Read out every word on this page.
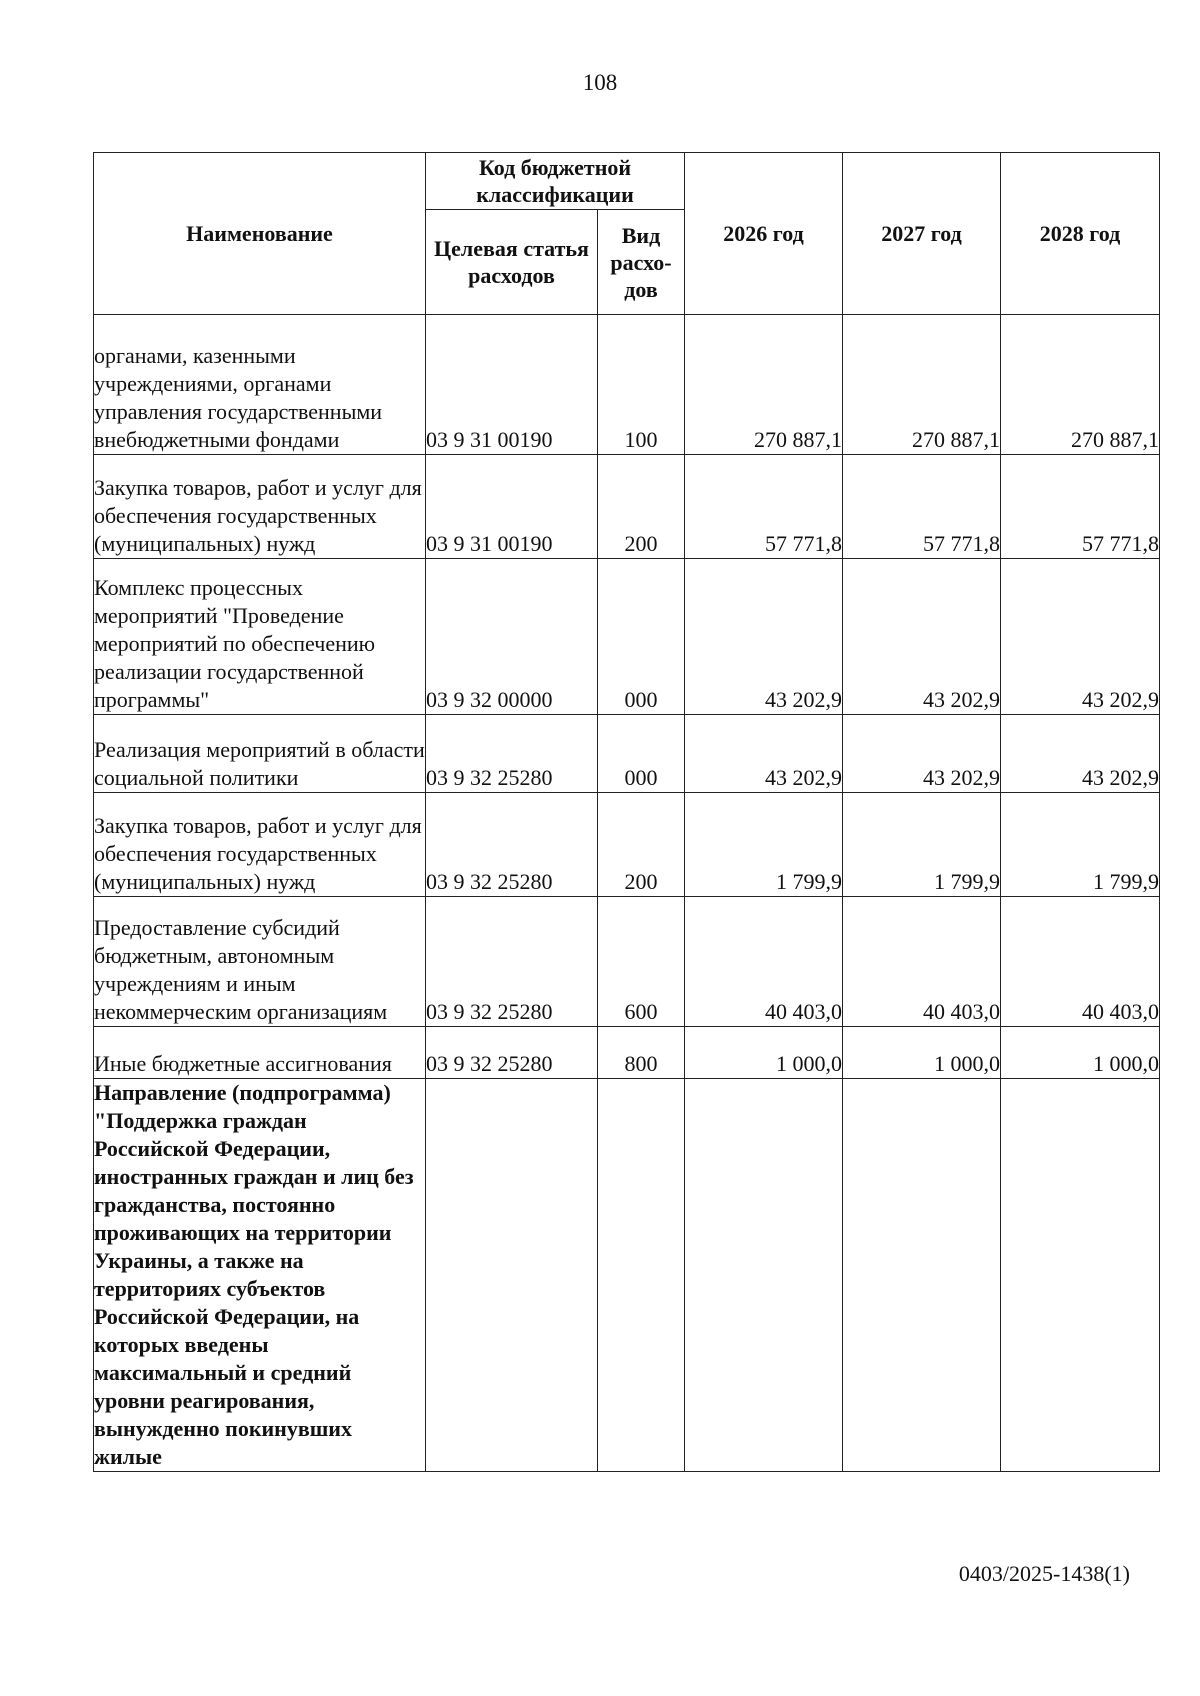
108
Наименование	Код бюджетной классификации		2026 год	2027 год	2028 год
	Целевая статья расходов	Вид расхо-дов			
органами, казенными учреждениями, органами управления государственными внебюджетными фондами	03 9 31 00190	100	270 887,1	270 887,1	270 887,1
Закупка товаров, работ и услуг для обеспечения государственных (муниципальных) нужд	03 9 31 00190	200	57 771,8	57 771,8	57 771,8
Комплекс процессных мероприятий "Проведение мероприятий по обеспечению реализации государственной программы"	03 9 32 00000	000	43 202,9	43 202,9	43 202,9
Реализация мероприятий в области социальной политики	03 9 32 25280	000	43 202,9	43 202,9	43 202,9
Закупка товаров, работ и услуг для обеспечения государственных (муниципальных) нужд	03 9 32 25280	200	1 799,9	1 799,9	1 799,9
Предоставление субсидий бюджетным, автономным учреждениям и иным некоммерческим организациям	03 9 32 25280	600	40 403,0	40 403,0	40 403,0
Иные бюджетные ассигнования	03 9 32 25280	800	1 000,0	1 000,0	1 000,0
Направление (подпрограмма) "Поддержка граждан Российской Федерации, иностранных граждан и лиц без гражданства, постоянно проживающих на территории Украины, а также на территориях субъектов Российской Федерации, на которых введены максимальный и средний уровни реагирования, вынужденно покинувших жилые					
0403/2025-1438(1)
